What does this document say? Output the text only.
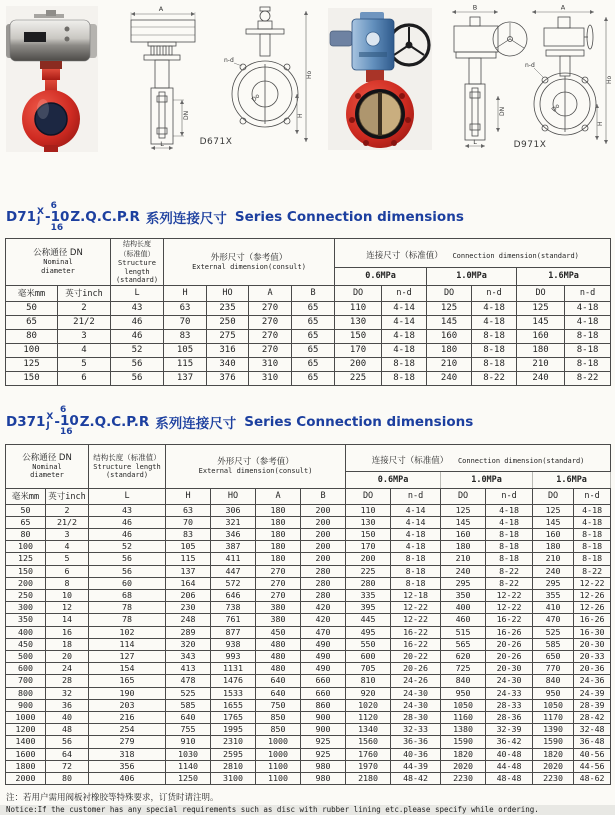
A
DN
L
n-d
Do
Ho
H
D671X
B
DN
L
A
n-d
Do
Ho
H
D971X
D71 X
J -
6
10
16
Z.Q.C.P.R 系列连接尺寸 Series Connection dimensions
公称通径 DN
Nominal
diameter

结构长度
（标准值）
Structure length
(standard)

外形尺寸（参考值）
External dimension(consult)
	连接尺寸（标准值） Connection dimension(standard)
							0.6MPa		1.0MPa		1.6MPa	
毫米mm	英寸inch	L	H	HO	A	B	DO	n-d	DO	n-d	DO	n-d
50	2	43	63	235	270	65	110	4-14	125	4-18	125	4-18
65	21/2	46	70	250	270	65	130	4-14	145	4-18	145	4-18
80	3	46	83	275	270	65	150	4-18	160	8-18	160	8-18
100	4	52	105	316	270	65	170	4-18	180	8-18	180	8-18
125	5	56	115	340	310	65	200	8-18	210	8-18	210	8-18
150	6	56	137	376	310	65	225	8-18	240	8-22	240	8-22
D371 X
J -
6
10
16
Z.Q.C.P.R 系列连接尺寸 Series Connection dimensions
公称通径 DN
Nominal
diameter

结构长度（标准值）
Structure length
(standard)

外形尺寸（参考值）
External dimension(consult)
	连接尺寸（标准值） Connection dimension(standard)
							0.6MPa		1.0MPa		1.6MPa	
毫米mm	英寸inch	L	H	HO	A	B	DO	n-d	DO	n-d	DO	n-d
50	2	43	63	306	180	200	110	4-14	125	4-18	125	4-18
65	21/2	46	70	321	180	200	130	4-14	145	4-18	145	4-18
80	3	46	83	346	180	200	150	4-18	160	8-18	160	8-18
100	4	52	105	387	180	200	170	4-18	180	8-18	180	8-18
125	5	56	115	411	180	200	200	8-18	210	8-18	210	8-18
150	6	56	137	447	270	280	225	8-18	240	8-22	240	8-22
200	8	60	164	572	270	280	280	8-18	295	8-22	295	12-22
250	10	68	206	646	270	280	335	12-18	350	12-22	355	12-26
300	12	78	230	738	380	420	395	12-22	400	12-22	410	12-26
350	14	78	248	761	380	420	445	12-22	460	16-22	470	16-26
400	16	102	289	877	450	470	495	16-22	515	16-26	525	16-30
450	18	114	320	938	480	490	550	16-22	565	20-26	585	20-30
500	20	127	343	993	480	490	600	20-22	620	20-26	650	20-33
600	24	154	413	1131	480	490	705	20-26	725	20-30	770	20-36
700	28	165	478	1476	640	660	810	24-26	840	24-30	840	24-36
800	32	190	525	1533	640	660	920	24-30	950	24-33	950	24-39
900	36	203	585	1655	750	860	1020	24-30	1050	28-33	1050	28-39
1000	40	216	640	1765	850	900	1120	28-30	1160	28-36	1170	28-42
1200	48	254	755	1995	850	900	1340	32-33	1380	32-39	1390	32-48
1400	56	279	910	2310	1000	925	1560	36-36	1590	36-42	1590	36-48
1600	64	318	1030	2595	1000	925	1760	40-36	1820	40-48	1820	40-56
1800	72	356	1140	2810	1100	980	1970	44-39	2020	44-48	2020	44-56
2000	80	406	1250	3100	1100	980	2180	48-42	2230	48-48	2230	48-62
注：若用户需用阀板衬橡胶等特殊要求，订货时请注明。
Notice:If the customer has any special requirements such as disc with rubber lining etc.please specify while ordering.
